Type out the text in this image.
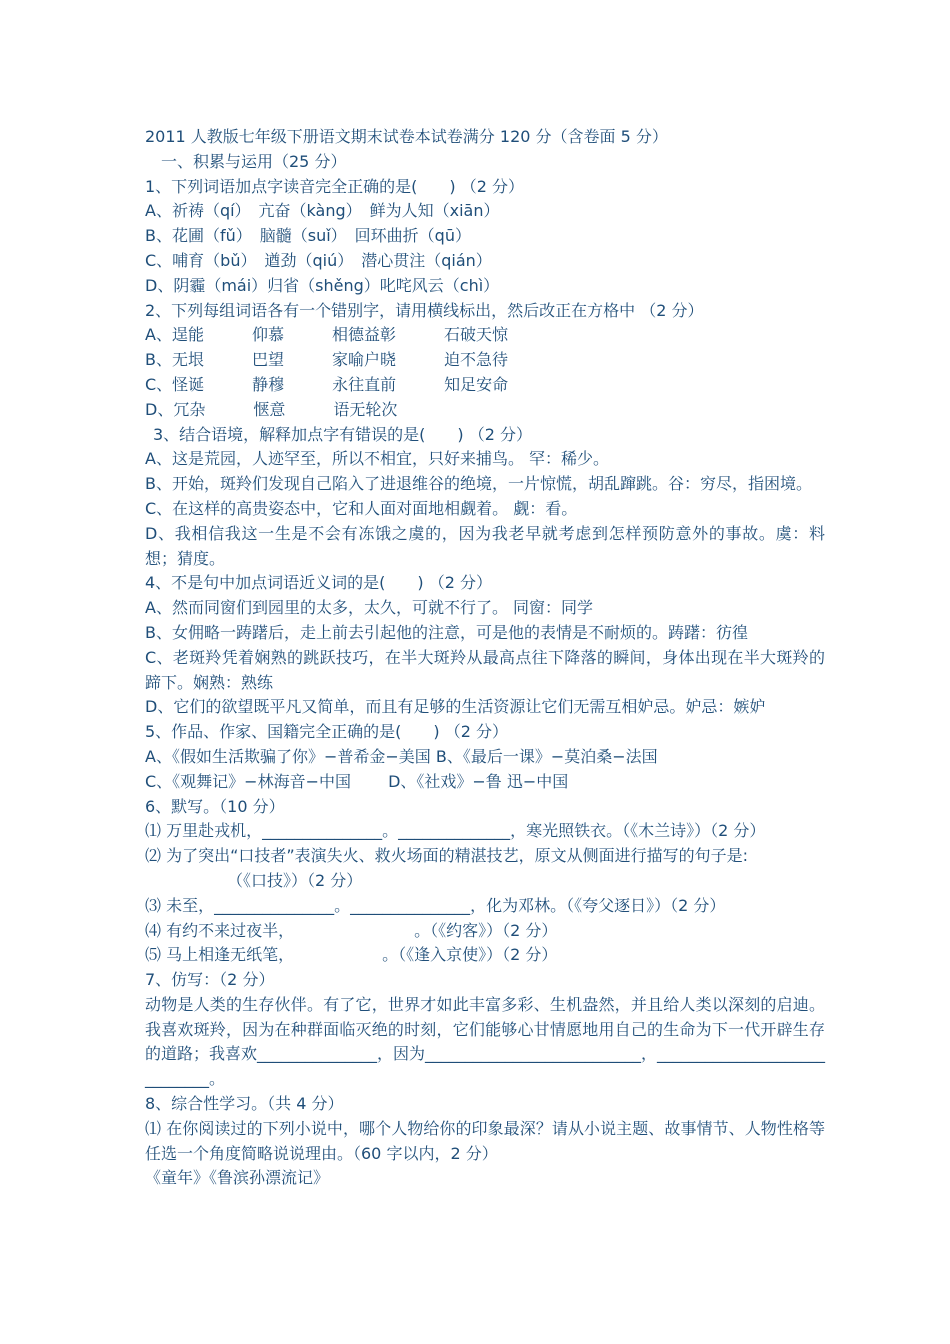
2011 人教版七年级下册语文期末试卷本试卷满分 120 分（含卷面 5 分）

一、积累与运用（25 分）

1、下列词语加点字读音完全正确的是(　　) （2 分）

A、祈祷（qí）　亢奋（kàng）　鲜为人知（xiān）

B、花圃（fǔ）　脑髓（suǐ）　回环曲折（qū）

C、哺育（bǔ）　遒劲（qiú）　潜心贯注（qián）

D、阴霾（mái）归省（shěng）叱咤风云（chì）

2、下列每组词语各有一个错别字，请用横线标出，然后改正在方格中 （2 分）

A、逞能　　　仰慕　　　相德益彰　　　石破天惊

B、无垠　　　巴望　　　家喻户晓　　　迫不急待

C、怪诞　　　静穆　　　永往直前　　　知足安命

D、冗杂　　　惬意　　　语无轮次

3、结合语境，解释加点字有错误的是(　　) （2 分）

A、这是荒园，人迹罕至，所以不相宜，只好来捕鸟。 罕：稀少。

B、开始，斑羚们发现自己陷入了进退维谷的绝境，一片惊慌，胡乱蹿跳。谷：穷尽，指困境。

C、在这样的高贵姿态中，它和人面对面地相觑着。 觑：看。

D、我相信我这一生是不会有冻饿之虞的，因为我老早就考虑到怎样预防意外的事故。虞：料想；猜度。

4、不是句中加点词语近义词的是(　　) （2 分）

A、然而同窗们到园里的太多，太久，可就不行了。 同窗：同学

B、女佣略一踌躇后，走上前去引起他的注意，可是他的表情是不耐烦的。踌躇：彷徨

C、老斑羚凭着娴熟的跳跃技巧，在半大斑羚从最高点往下降落的瞬间，身体出现在半大斑羚的蹄下。娴熟：熟练

D、它们的欲望既平凡又简单，而且有足够的生活资源让它们无需互相妒忌。妒忌：嫉妒

5、作品、作家、国籍完全正确的是(　　) （2 分）

A、《假如生活欺骗了你》−普希金−美国 B、《最后一课》−莫泊桑−法国

C、《观舞记》−林海音−中国　　 D、《社戏》−鲁 迅−中国

6、默写。（10 分）

⑴ 万里赴戎机，_______________。______________，寒光照铁衣。（《木兰诗》）（2 分）

⑵ 为了突出“口技者”表演失火、救火场面的精湛技艺，原文从侧面进行描写的句子是:

（《口技》）（2 分）

⑶ 未至，_______________。_______________，化为邓林。（《夸父逐日》）（2 分）

⑷ 有约不来过夜半，　　　　　　　　。（《约客》）（2 分）

⑸ 马上相逢无纸笔，　　　　　　。（《逢入京使》）（2 分）

7、仿写：（2 分）

动物是人类的生存伙伴。有了它，世界才如此丰富多彩、生机盎然，并且给人类以深刻的启迪。我喜欢斑羚，因为在种群面临灭绝的时刻，它们能够心甘情愿地用自己的生命为下一代开辟生存的道路；我喜欢_______________，因为___________________________，_____________________________。

8、综合性学习。（共 4 分）

⑴ 在你阅读过的下列小说中，哪个人物给你的印象最深？请从小说主题、故事情节、人物性格等任选一个角度简略说说理由。（60 字以内，2 分）

《童年》《鲁滨孙漂流记》
